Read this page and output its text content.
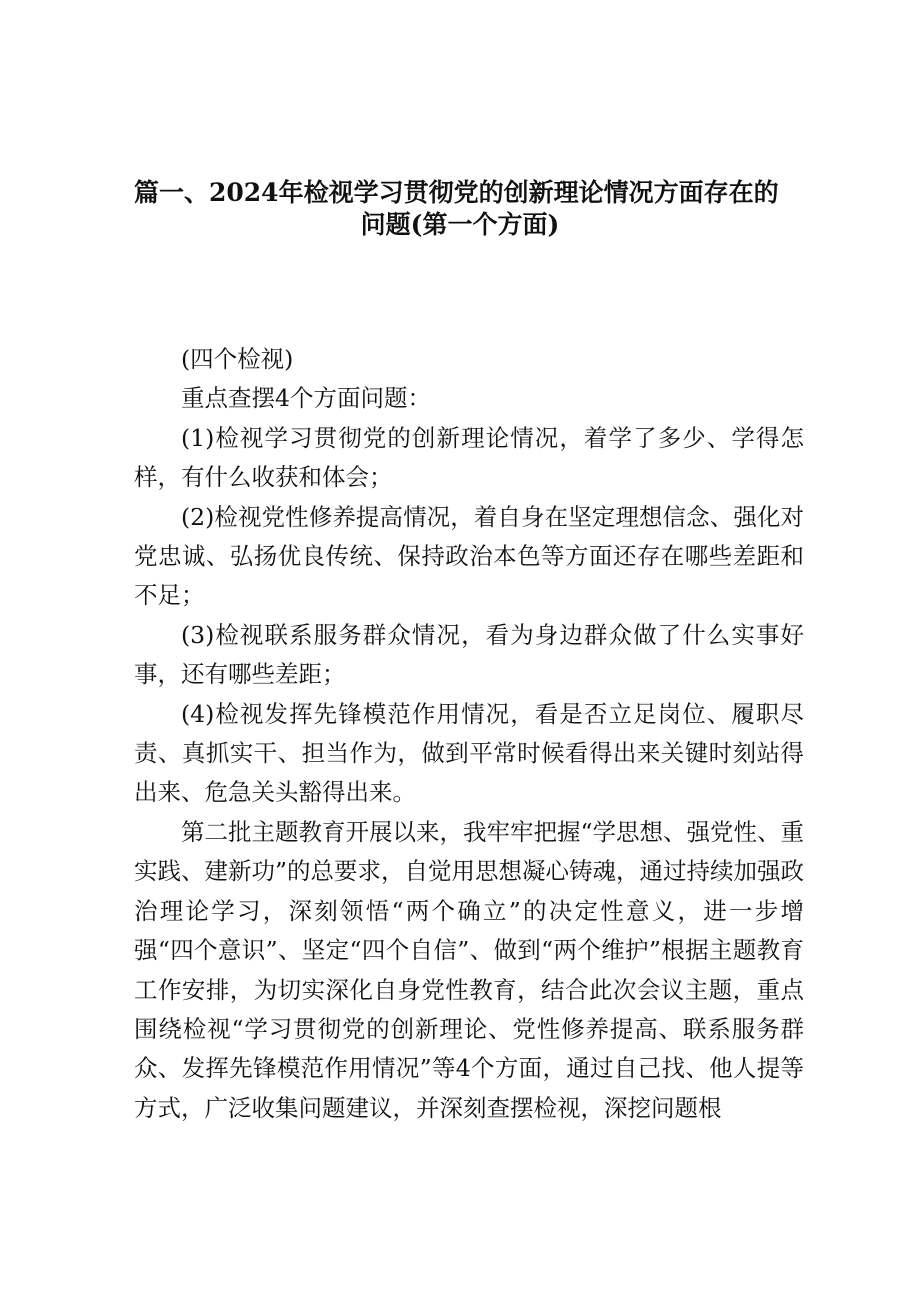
篇一、2024年检视学习贯彻党的创新理论情况方面存在的
问题(第一个方面)

(四个检视)

重点查摆4个方面问题：

(1)检视学习贯彻党的创新理论情况，着学了多少、学得怎样，有什么收获和体会；

(2)检视党性修养提高情况，着自身在坚定理想信念、强化对党忠诚、弘扬优良传统、保持政治本色等方面还存在哪些差距和不足；

(3)检视联系服务群众情况，看为身边群众做了什么实事好事，还有哪些差距；

(4)检视发挥先锋模范作用情况，看是否立足岗位、履职尽责、真抓实干、担当作为，做到平常时候看得出来关键时刻站得出来、危急关头豁得出来。

第二批主题教育开展以来，我牢牢把握“学思想、强党性、重实践、建新功”的总要求，自觉用思想凝心铸魂，通过持续加强政治理论学习，深刻领悟“两个确立”的决定性意义，进一步增强“四个意识”、坚定“四个自信”、做到“两个维护”根据主题教育工作安排，为切实深化自身党性教育，结合此次会议主题，重点围绕检视“学习贯彻党的创新理论、党性修养提高、联系服务群众、发挥先锋模范作用情况”等4个方面，通过自己找、他人提等方式，广泛收集问题建议，并深刻查摆检视，深挖问题根
